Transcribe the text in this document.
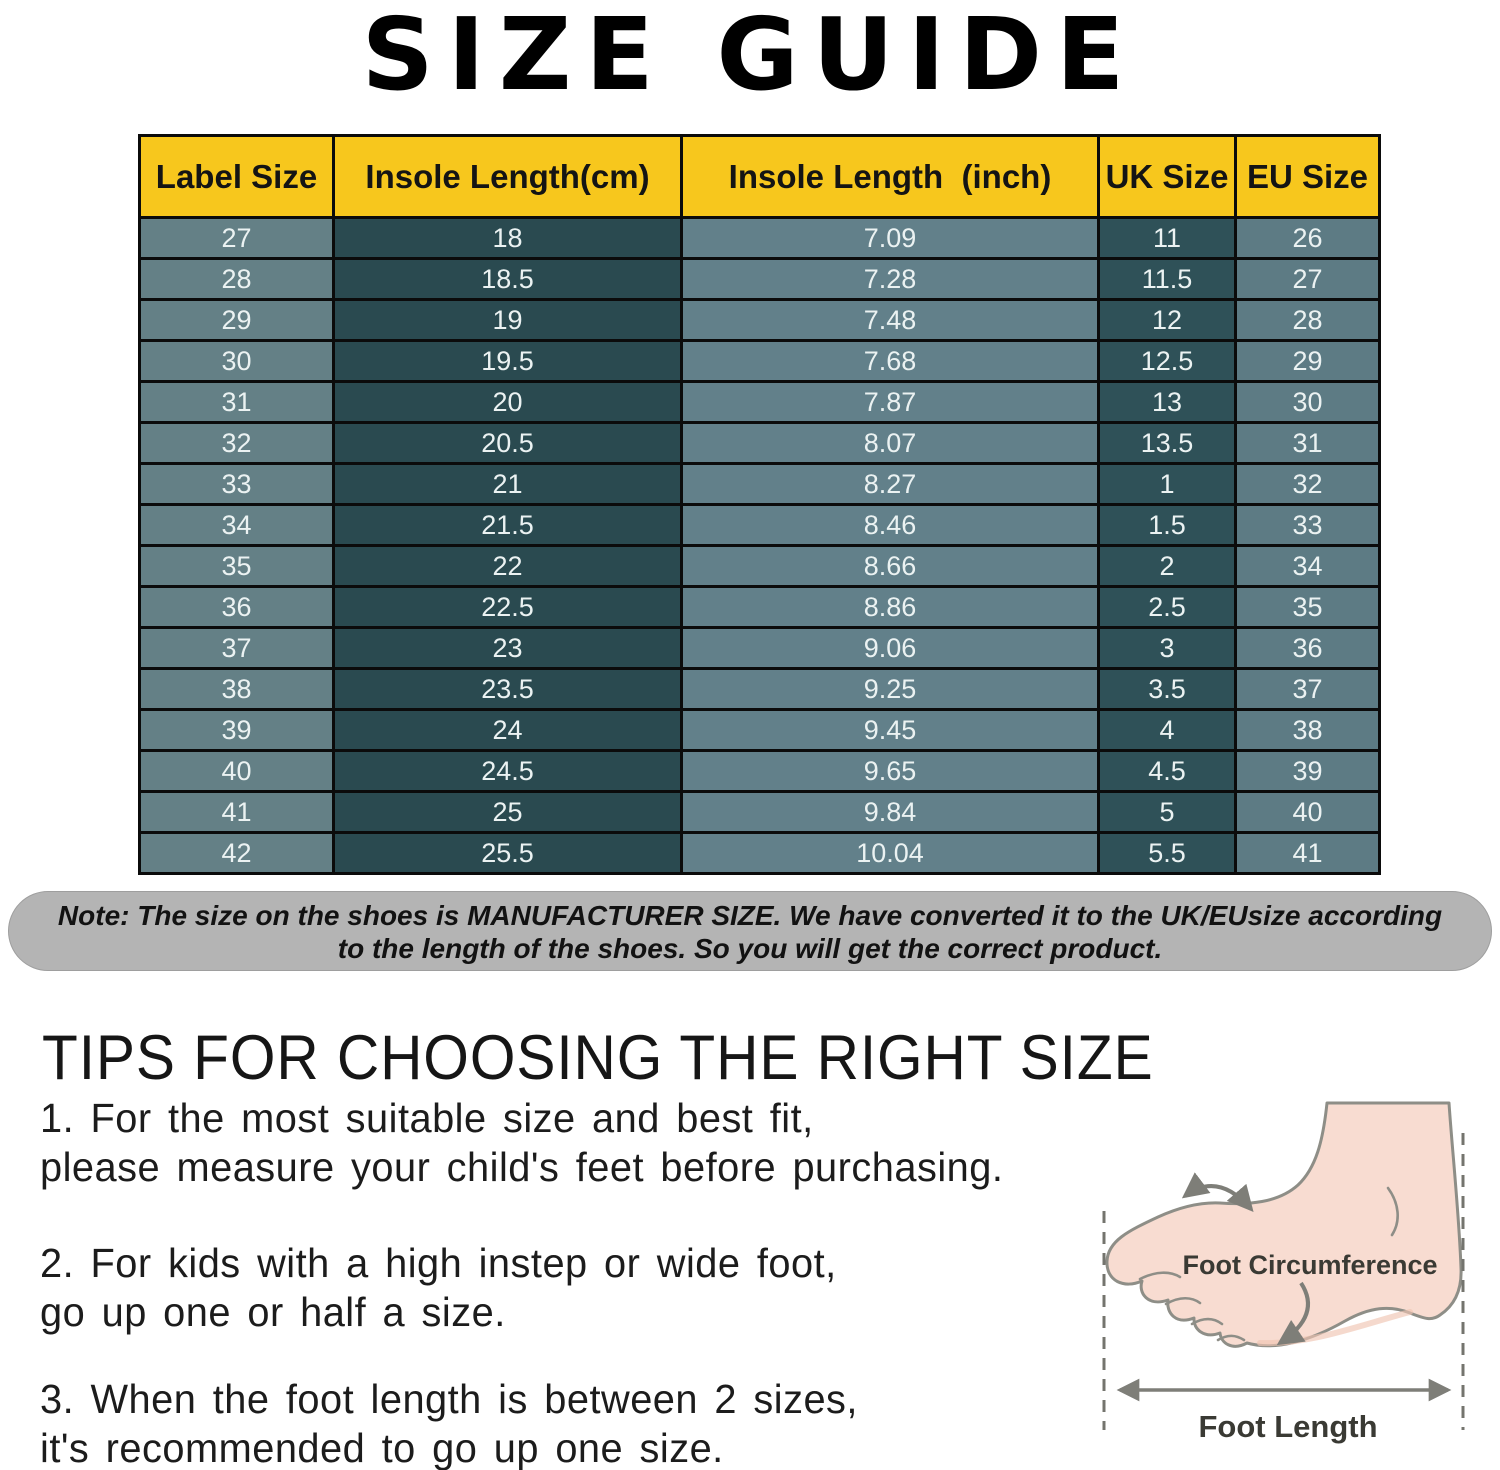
SIZE GUIDE
Label Size	Insole Length(cm)	Insole Length  (inch)	UK Size	EU Size
27	18	7.09	11	26
28	18.5	7.28	11.5	27
29	19	7.48	12	28
30	19.5	7.68	12.5	29
31	20	7.87	13	30
32	20.5	8.07	13.5	31
33	21	8.27	1	32
34	21.5	8.46	1.5	33
35	22	8.66	2	34
36	22.5	8.86	2.5	35
37	23	9.06	3	36
38	23.5	9.25	3.5	37
39	24	9.45	4	38
40	24.5	9.65	4.5	39
41	25	9.84	5	40
42	25.5	10.04	5.5	41
Note: The size on the shoes is MANUFACTURER SIZE. We have converted it to the UK/EUsize according
to the length of the shoes. So you will get the correct product.
TIPS FOR CHOOSING THE RIGHT SIZE
1. For the most suitable size and best fit,
please measure your child's feet before purchasing.
2. For kids with a high instep or wide foot,
go up one or half a size.
3. When the foot length is between 2 sizes,
it's recommended to go up one size.
Foot Circumference
Foot Length
